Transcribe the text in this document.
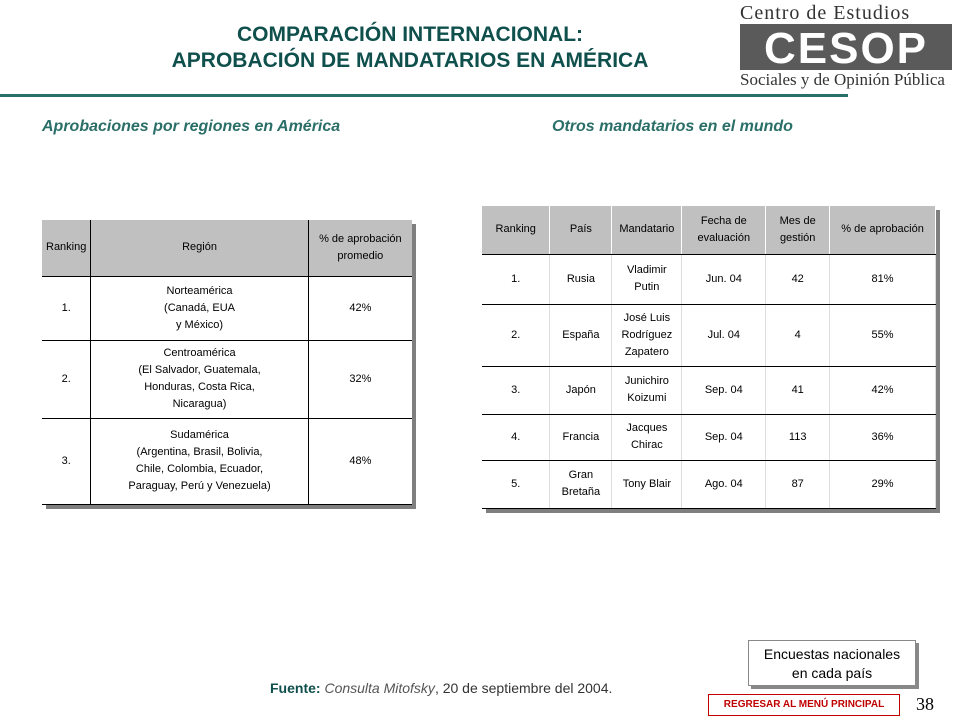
COMPARACIÓN INTERNACIONAL:
APROBACIÓN DE MANDATARIOS EN AMÉRICA
Centro de Estudios
CESOP
Sociales y de Opinión Pública
Aprobaciones por regiones en América	Otros mandatarios en el mundo
Ranking	Región	% de aprobación promedio
1.	Norteamérica
(Canadá, EUA
y México)	42%
2.	Centroamérica
(El Salvador, Guatemala,
Honduras, Costa Rica,
Nicaragua)	32%
3.	Sudamérica
(Argentina, Brasil, Bolivia,
Chile, Colombia, Ecuador,
Paraguay, Perú y Venezuela)	48%
Ranking	País	Mandatario	Fecha de evaluación	Mes de gestión	% de aprobación
1.	Rusia	Vladimir
Putin	Jun. 04	42	81%
2.	España	José Luis
Rodríguez
Zapatero	Jul. 04	4	55%
3.	Japón	Junichiro
Koizumi	Sep. 04	41	42%
4.	Francia	Jacques
Chirac	Sep. 04	113	36%
5.	Gran
Bretaña	Tony Blair	Ago. 04	87	29%
Fuente: Consulta Mitofsky, 20 de septiembre del 2004.
Encuestas nacionales
en cada país
REGRESAR AL MENÚ PRINCIPAL	38
